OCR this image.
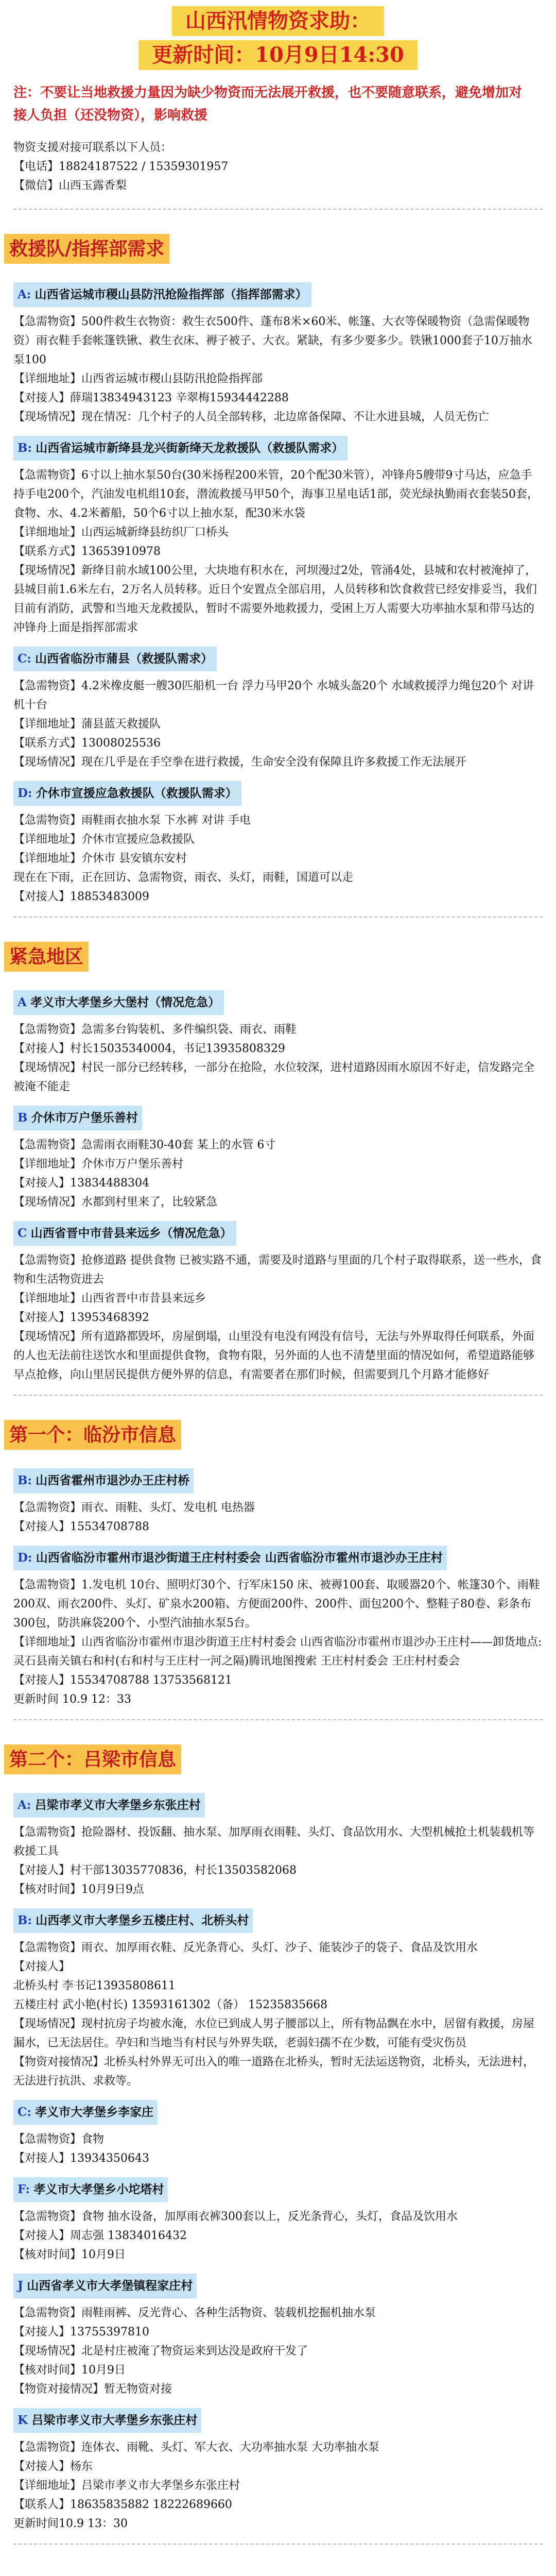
山西汛情物资求助：
更新时间：10月9日14:30
注：不要让当地救援力量因为缺少物资而无法展开救援，也不要随意联系，避免增加对接人负担（还没物资），影响救援
物资支援对接可联系以下人员：
【电话】18824187522 / 15359301957
【微信】山西玉露香梨
救援队/指挥部需求

A: 山西省运城市稷山县防汛抢险指挥部（指挥部需求）
【急需物资】500件救生衣物资：救生衣500件、蓬布8米×60米、帐篷、大衣等保暖物资（急需保暖物资）雨衣鞋手套帐篷铁锹、救生衣床、褥子被子、大衣。紧缺，有多少要多少。铁锹1000套子10万抽水泵100
【详细地址】山西省运城市稷山县防汛抢险指挥部
【对接人】薛瑞13834943123 辛翠梅15934442288
【现场情况】现在情况：几个村子的人员全部转移，北边席备保障、不让水进县城，人员无伤亡
B: 山西省运城市新绛县龙兴街新绛天龙救援队（救援队需求）
【急需物资】6寸以上抽水泵50台(30米扬程200米管，20个配30米管），冲锋舟5艘带9寸马达，应急手持手电200个，汽油发电机组10套，潜流救援马甲50个，海事卫星电话1部，荧光绿执勤雨衣套装50套，食物、水、4.2米蓄船，50个6寸以上抽水泵，配30米水袋
【详细地址】山西运城新绛县纺织厂口桥头
【联系方式】13653910978
【现场情况】新绛目前水域100公里，大块地有积水在，河坝漫过2处，管涌4处，县城和农村被淹掉了，县城目前1.6米左右，2万名人员转移。近日个安置点全部启用，人员转移和饮食救营已经安排妥当，我们目前有消防，武警和当地天龙救援队，暂时不需要外地救援力，受困上万人需要大功率抽水泵和带马达的冲锋舟上面是指挥部需求
C: 山西省临汾市蒲县（救援队需求）
【急需物资】4.2米橡皮艇一艘30匹船机一台 浮力马甲20个 水城头盔20个 水域救援浮力绳包20个 对讲机十台
【详细地址】蒲县蓝天救援队
【联系方式】13008025536
【现场情况】现在几乎是在手空拳在进行救援，生命安全没有保障且许多救援工作无法展开
D: 介休市宣援应急救援队（救援队需求）
【急需物资】雨鞋雨衣抽水泵 下水裤 对讲 手电
【详细地址】介休市宣援应急救援队
【详细地址】介休市 县安镇东安村
现在在下雨，正在回访、急需物资，雨衣、头灯，雨鞋，国道可以走
【对接人】18853483009
紧急地区

A 孝义市大孝堡乡大堡村（情况危急）
【急需物资】急需多台钩装机、多件编织袋、雨衣、雨鞋
【对接人】村长15035340004，书记13935808329
【现场情况】村民一部分已经转移，一部分在抢险，水位较深，进村道路因雨水原因不好走，信发路完全被淹不能走
B 介休市万户堡乐善村
【急需物资】急需雨衣雨鞋30-40套 某上的水管 6寸
【详细地址】介休市万户堡乐善村
【对接人】13834488304
【现场情况】水都到村里来了，比较紧急
C 山西省晋中市昔县来远乡（情况危急）
【急需物资】抢修道路 提供食物 已被实路不通，需要及时道路与里面的几个村子取得联系，送一些水，食物和生活物资进去
【详细地址】山西省晋中市昔县来远乡
【对接人】13953468392
【现场情况】所有道路都毁坏，房屋倒塌，山里没有电没有网没有信号，无法与外界取得任何联系，外面的人也无法前往送饮水和里面提供食物，食物有限，另外面的人也不清楚里面的情况如何，希望道路能够早点抢修，向山里居民提供方便外界的信息，有需要者在那们时候，但需要到几个月路才能修好
第一个：临汾市信息

B: 山西省霍州市退沙办王庄村桥
【急需物资】雨衣、雨鞋、头灯、发电机 电热器
【对接人】15534708788
D: 山西省临汾市霍州市退沙街道王庄村村委会 山西省临汾市霍州市退沙办王庄村
【急需物资】1.发电机 10台、照明灯30个、行军床150 床、被褥100套、取暖器20个、帐篷30个、雨鞋200双、雨衣200件、头灯、矿泉水200箱、方便面200件、200件、面包200个、整鞋子80卷、彩条布300包，防洪麻袋200个、小型汽油抽水泵5台。
【详细地址】山西省临汾市霍州市退沙街道王庄村村委会 山西省临汾市霍州市退沙办王庄村——卸货地点:灵石县南关镇右和村(右和村与王庄村一河之隔)腾讯地图搜索 王庄村村委会 王庄村村委会
【对接人】15534708788 13753568121
更新时间 10.9 12：33
第二个：吕梁市信息

A: 吕梁市孝义市大孝堡乡东张庄村
【急需物资】抢险器材、投饭翻、抽水泵、加厚雨衣雨鞋、头灯、食品饮用水、大型机械抢土机装载机等救援工具
【对接人】村干部13035770836，村长13503582068
【核对时间】10月9日9点
B: 山西孝义市大孝堡乡五楼庄村、北桥头村
【急需物资】雨衣、加厚雨衣鞋、反光条背心、头灯、沙子、能装沙子的袋子、食品及饮用水
【对接人】
北桥头村 李书记13935808611
五楼庄村 武小艳(村长) 13593161302（备） 15235835668
【现场情况】现村抗房子均被水淹，水位已到成人男子腰部以上，所有物品飘在水中，居留有救援，房屋漏水，已无法居住。孕妇和当地当有村民与外界失联，老弱妇孺不在少数，可能有受灾伤员
【物资对接情况】北桥头村外界无可出入的唯一道路在北桥头，暂时无法运送物资，北桥头，无法进村，无法进行抗洪、求救等。
C: 孝义市大孝堡乡李家庄
【急需物资】食物
【对接人】13934350643
F: 孝义市大孝堡乡小坨塔村
【急需物资】食物 抽水设备，加厚雨衣裤300套以上，反光条背心，头灯，食品及饮用水
【对接人】周志强 13834016432
【核对时间】10月9日
J 山西省孝义市大孝堡镇程家庄村
【急需物资】雨鞋雨裤、反光背心、各种生活物资、装载机挖掘机抽水泵
【对接人】13755397810
【现场情况】北是村庄被淹了物资运来到达没是政府干发了
【核对时间】10月9日
【物资对接情况】暂无物资对接
K 吕梁市孝义市大孝堡乡东张庄村
【急需物资】连体衣、雨靴、头灯、军大衣、大功率抽水泵 大功率抽水泵
【对接人】杨东
【详细地址】吕梁市孝义市大孝堡乡东张庄村
【联系人】18635835882 18222689660
更新时间10.9 13：30
